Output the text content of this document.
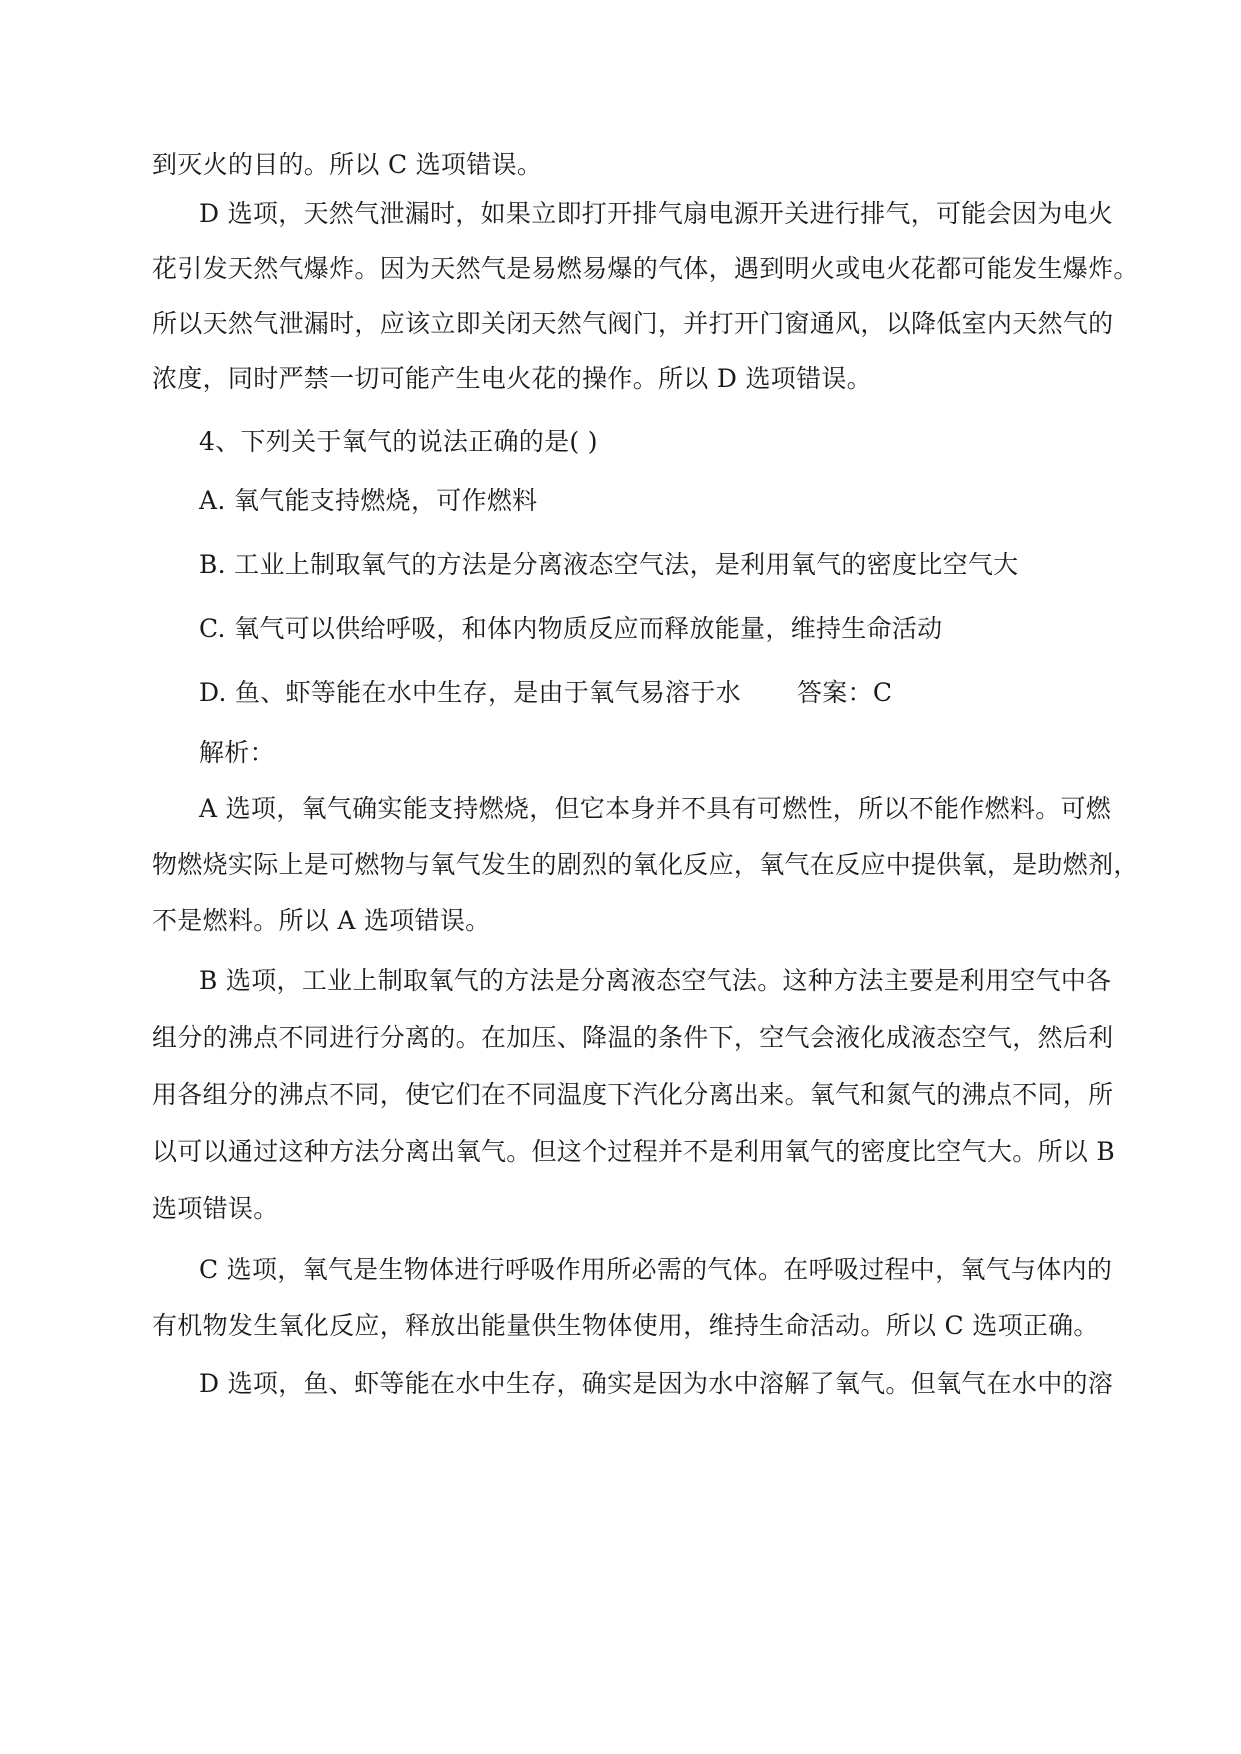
到灭火的目的。所以 C 选项错误。
D 选项，天然气泄漏时，如果立即打开排气扇电源开关进行排气，可能会因为电火
花引发天然气爆炸。因为天然气是易燃易爆的气体，遇到明火或电火花都可能发生爆炸。
所以天然气泄漏时，应该立即关闭天然气阀门，并打开门窗通风，以降低室内天然气的
浓度，同时严禁一切可能产生电火花的操作。所以 D 选项错误。
4、下列关于氧气的说法正确的是( )
A. 氧气能支持燃烧，可作燃料
B. 工业上制取氧气的方法是分离液态空气法，是利用氧气的密度比空气大
C. 氧气可以供给呼吸，和体内物质反应而释放能量，维持生命活动
D. 鱼、虾等能在水中生存，是由于氧气易溶于水 答案：C
解析：
A 选项，氧气确实能支持燃烧，但它本身并不具有可燃性，所以不能作燃料。可燃
物燃烧实际上是可燃物与氧气发生的剧烈的氧化反应，氧气在反应中提供氧，是助燃剂，
不是燃料。所以 A 选项错误。
B 选项，工业上制取氧气的方法是分离液态空气法。这种方法主要是利用空气中各
组分的沸点不同进行分离的。在加压、降温的条件下，空气会液化成液态空气，然后利
用各组分的沸点不同，使它们在不同温度下汽化分离出来。氧气和氮气的沸点不同，所
以可以通过这种方法分离出氧气。但这个过程并不是利用氧气的密度比空气大。所以 B
选项错误。
C 选项，氧气是生物体进行呼吸作用所必需的气体。在呼吸过程中，氧气与体内的
有机物发生氧化反应，释放出能量供生物体使用，维持生命活动。所以 C 选项正确。
D 选项，鱼、虾等能在水中生存，确实是因为水中溶解了氧气。但氧气在水中的溶
